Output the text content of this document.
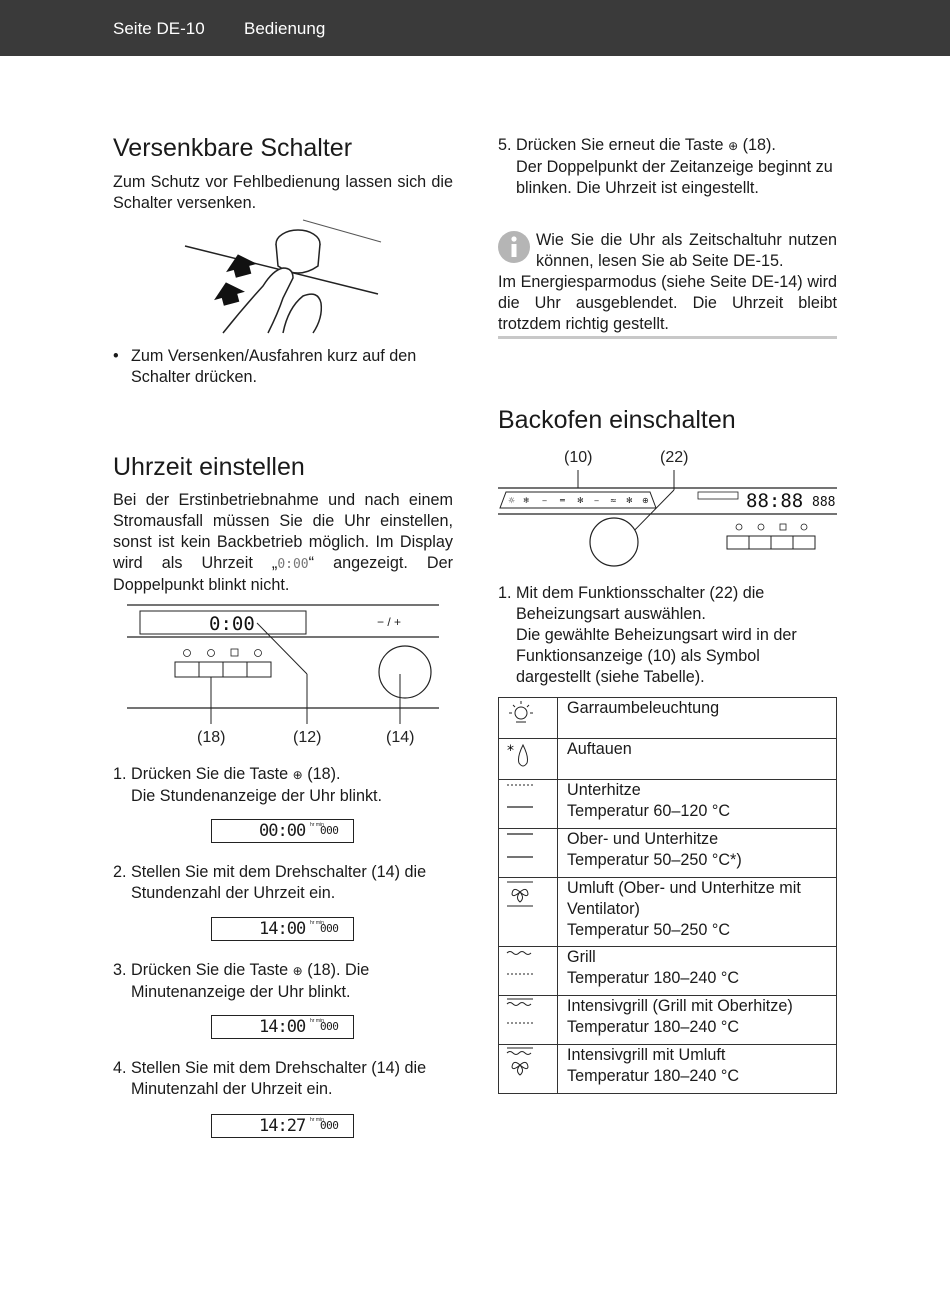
Seite DE-10 Bedienung
Versenkbare Schalter

Zum Schutz vor Fehlbedienung lassen sich die Schalter versenken.

• Zum Versenken/Ausfahren kurz auf den Schalter drücken.
Uhrzeit einstellen

Bei der Erstinbetriebnahme und nach einem Stromausfall müssen Sie die Uhr einstellen, sonst ist kein Backbetrieb möglich. Im Display wird als Uhrzeit „0:00“ angezeigt. Der Doppelpunkt blinkt nicht.

0:00	− / +
(18)	(12)	(14)
1. Drücken Sie die Taste ⊕ (18).
Die Stundenanzeige der Uhr blinkt.
00:00 hr min
000
2. Stellen Sie mit dem Drehschalter (14) die Stundenzahl der Uhrzeit ein.
14:00 hr min
000
3. Drücken Sie die Taste ⊕ (18). Die Minutenanzeige der Uhr blinkt.
14:00 hr min
000
4. Stellen Sie mit dem Drehschalter (14) die Minutenzahl der Uhrzeit ein.
14:27 hr min
000
5. Drücken Sie erneut die Taste ⊕ (18).
Der Doppelpunkt der Zeitanzeige beginnt zu blinken. Die Uhrzeit ist eingestellt.

Wie Sie die Uhr als Zeitschaltuhr nutzen können, lesen Sie ab Seite DE-15.

Im Energiesparmodus (siehe Seite DE-14) wird die Uhr ausgeblendet. Die Uhrzeit bleibt trotzdem richtig gestellt.

Backofen einschalten
(10)	(22)
☼ ❄ ‒ ═ ✻ ‒ ≈ ✻ ⊕	88:88 888
1. Mit dem Funktionsschalter (22) die Beheizungsart auswählen.
Die gewählte Beheizungsart wird in der Funktionsanzeige (10) als Symbol dargestellt (siehe Tabelle).
	Garraumbeleuchtung

*	Auftauen
	Unterhitze
Temperatur 60–120 °C
	Ober- und Unterhitze
Temperatur 50–250 °C*)
	Umluft (Ober- und Unterhitze mit Ventilator)
Temperatur 50–250 °C
	Grill
Temperatur 180–240 °C
	Intensivgrill (Grill mit Oberhitze)
Temperatur 180–240 °C
	Intensivgrill mit Umluft
Temperatur 180–240 °C
